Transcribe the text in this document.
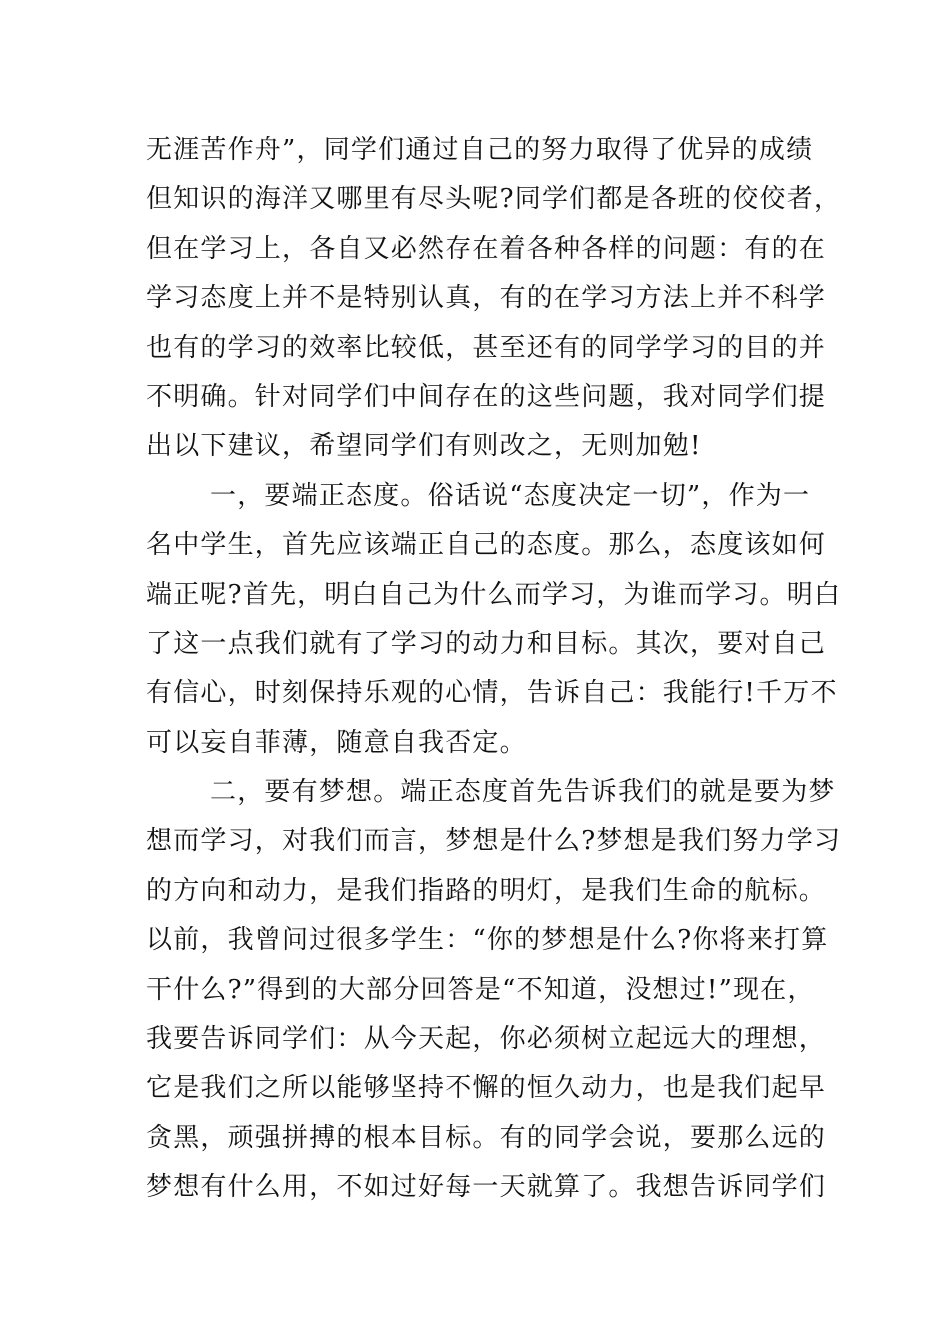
无涯苦作舟”，同学们通过自己的努力取得了优异的成绩
但知识的海洋又哪里有尽头呢?同学们都是各班的佼佼者，
但在学习上，各自又必然存在着各种各样的问题：有的在
学习态度上并不是特别认真，有的在学习方法上并不科学
也有的学习的效率比较低，甚至还有的同学学习的目的并
不明确。针对同学们中间存在的这些问题，我对同学们提
出以下建议，希望同学们有则改之，无则加勉!
一，要端正态度。俗话说“态度决定一切”，作为一
名中学生，首先应该端正自己的态度。那么，态度该如何
端正呢?首先，明白自己为什么而学习，为谁而学习。明白
了这一点我们就有了学习的动力和目标。其次，要对自己
有信心，时刻保持乐观的心情，告诉自己：我能行!千万不
可以妄自菲薄，随意自我否定。
二，要有梦想。端正态度首先告诉我们的就是要为梦
想而学习，对我们而言，梦想是什么?梦想是我们努力学习
的方向和动力，是我们指路的明灯，是我们生命的航标。
以前，我曾问过很多学生：“你的梦想是什么?你将来打算
干什么?”得到的大部分回答是“不知道，没想过!”现在，
我要告诉同学们：从今天起，你必须树立起远大的理想，
它是我们之所以能够坚持不懈的恒久动力，也是我们起早
贪黑，顽强拼搏的根本目标。有的同学会说，要那么远的
梦想有什么用，不如过好每一天就算了。我想告诉同学们
